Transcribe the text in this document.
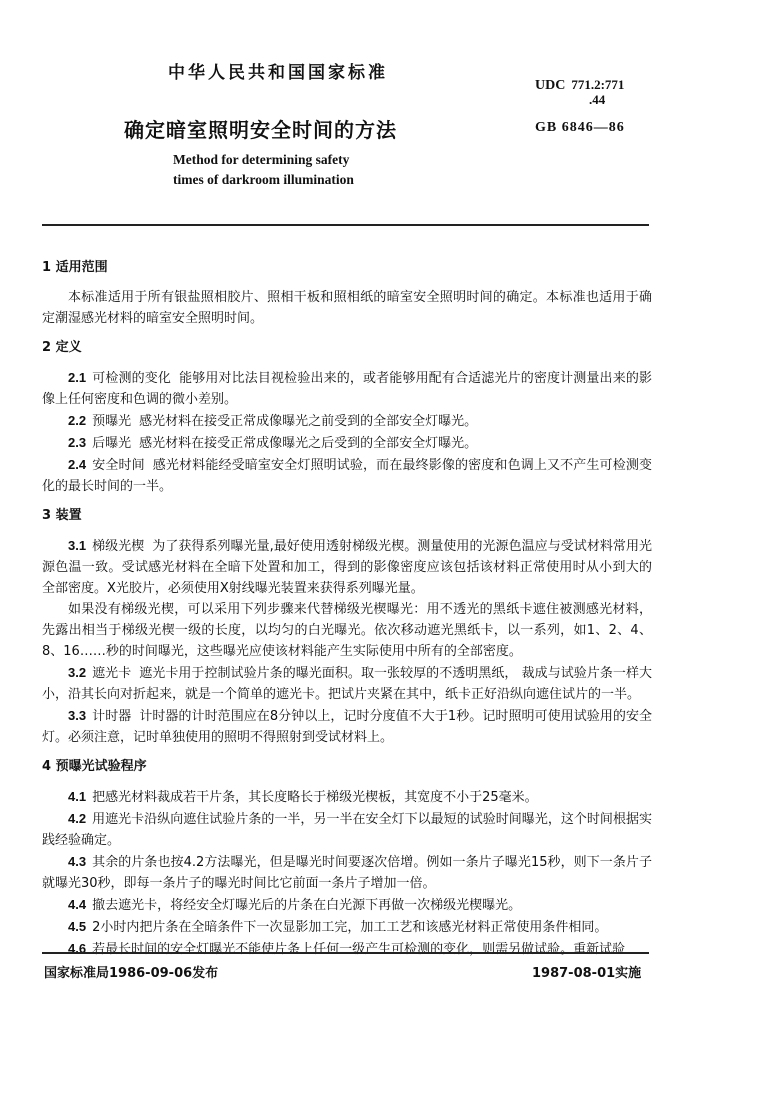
中华人民共和国国家标准
UDC 771.2:771
.44
确定暗室照明安全时间的方法	GB 6846—86
Method for determining safety
times of darkroom illumination
1 适用范围

本标准适用于所有银盐照相胶片、照相干板和照相纸的暗室安全照明时间的确定。本标准也适用于确定潮湿感光材料的暗室安全照明时间。

2 定义

2.1 可检测的变化 能够用对比法目视检验出来的，或者能够用配有合适滤光片的密度计测量出来的影像上任何密度和色调的微小差别。

2.2 预曝光 感光材料在接受正常成像曝光之前受到的全部安全灯曝光。

2.3 后曝光 感光材料在接受正常成像曝光之后受到的全部安全灯曝光。

2.4 安全时间 感光材料能经受暗室安全灯照明试验，而在最终影像的密度和色调上又不产生可检测变化的最长时间的一半。

3 装置

3.1 梯级光楔 为了获得系列曝光量,最好使用透射梯级光楔。测量使用的光源色温应与受试材料常用光源色温一致。受试感光材料在全暗下处置和加工，得到的影像密度应该包括该材料正常使用时从小到大的全部密度。X光胶片，必须使用X射线曝光装置来获得系列曝光量。

如果没有梯级光楔，可以采用下列步骤来代替梯级光楔曝光：用不透光的黑纸卡遮住被测感光材料，先露出相当于梯级光楔一级的长度，以均匀的白光曝光。依次移动遮光黑纸卡，以一系列，如1、2、4、8、16……秒的时间曝光，这些曝光应使该材料能产生实际使用中所有的全部密度。

3.2 遮光卡 遮光卡用于控制试验片条的曝光面积。取一张较厚的不透明黑纸， 裁成与试验片条一样大小，沿其长向对折起来，就是一个简单的遮光卡。把试片夹紧在其中，纸卡正好沿纵向遮住试片的一半。

3.3 计时器 计时器的计时范围应在8分钟以上，记时分度值不大于1秒。记时照明可使用试验用的安全灯。必须注意，记时单独使用的照明不得照射到受试材料上。

4 预曝光试验程序

4.1 把感光材料裁成若干片条，其长度略长于梯级光楔板，其宽度不小于25毫米。

4.2 用遮光卡沿纵向遮住试验片条的一半，另一半在安全灯下以最短的试验时间曝光，这个时间根据实践经验确定。

4.3 其余的片条也按4.2方法曝光，但是曝光时间要逐次倍增。例如一条片子曝光15秒，则下一条片子就曝光30秒，即每一条片子的曝光时间比它前面一条片子增加一倍。

4.4 撤去遮光卡，将经安全灯曝光后的片条在白光源下再做一次梯级光楔曝光。

4.5 2小时内把片条在全暗条件下一次显影加工完，加工工艺和该感光材料正常使用条件相同。

4.6 若最长时间的安全灯曝光不能使片条上任何一级产生可检测的变化，则需另做试验。重新试验

国家标准局1986-09-06发布	1987-08-01实施
